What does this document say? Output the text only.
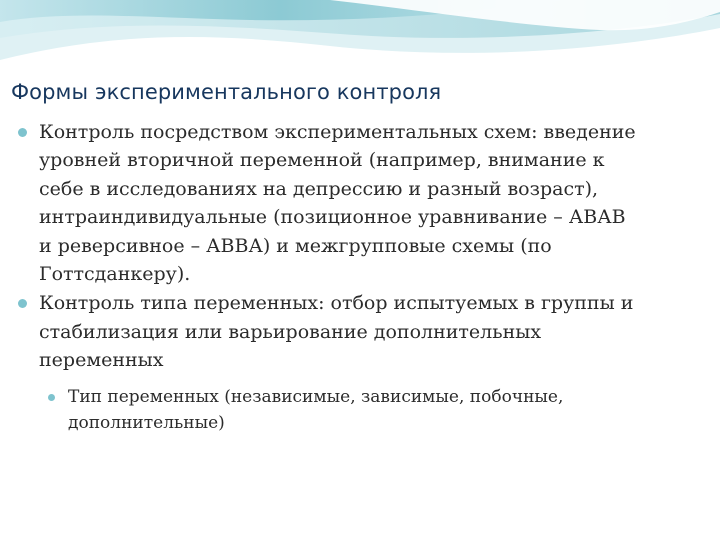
Формы экспериментального контроля
Контроль посредством экспериментальных схем: введение
уровней вторичной переменной (например, внимание к
себе в исследованиях на депрессию и разный возраст),
интраиндивидуальные (позиционное уравнивание – АВАВ
и реверсивное – АВВА) и межгрупповые схемы (по
Готтсданкеру).
Контроль типа переменных: отбор испытуемых в группы и
стабилизация или варьирование дополнительных
переменных
Тип переменных (независимые, зависимые, побочные,
дополнительные)
